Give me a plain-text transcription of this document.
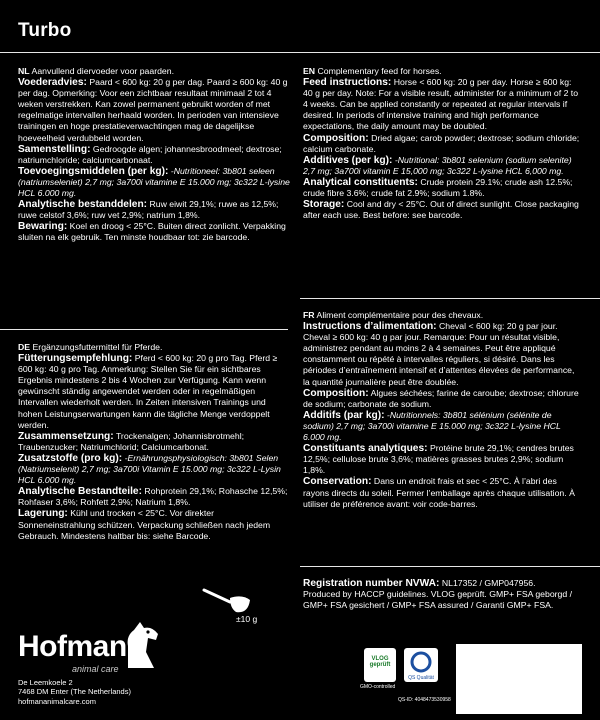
Turbo

NL Aanvullend diervoeder voor paarden.

Voederadvies: Paard < 600 kg: 20 g per dag. Paard ≥ 600 kg: 40 g per dag. Opmerking: Voor een zichtbaar resultaat minimaal 2 tot 4 weken verstrekken. Kan zowel permanent gebruikt worden of met regelmatige intervallen herhaald worden. In perioden van intensieve trainingen en hoge prestatieverwachtingen mag de dagelijkse hoeveelheid verdubbeld worden.

Samenstelling: Gedroogde algen; johannesbroodmeel; dextrose; natriumchloride; calciumcarbonaat.

Toevoegingsmiddelen (per kg): -Nutritioneel: 3b801 seleen (natriumseleniet) 2,7 mg; 3a700i vitamine E 15.000 mg; 3c322 L-lysine HCL 6.000 mg.

Analytische bestanddelen: Ruw eiwit 29,1%; ruwe as 12,5%; ruwe celstof 3,6%; ruw vet 2,9%; natrium 1,8%.

Bewaring: Koel en droog < 25°C. Buiten direct zonlicht. Verpakking sluiten na elk gebruik. Ten minste houdbaar tot: zie barcode.

EN Complementary feed for horses.

Feed instructions: Horse < 600 kg: 20 g per day. Horse ≥ 600 kg: 40 g per day. Note: For a visible result, administer for a minimum of 2 to 4 weeks. Can be applied constantly or repeated at regular intervals if desired. In periods of intensive training and high performance expectations, the daily amount may be doubled.

Composition: Dried algae; carob powder; dextrose; sodium chloride; calcium carbonate.

Additives (per kg): -Nutritional: 3b801 selenium (sodium selenite) 2,7 mg; 3a700i vitamin E 15,000 mg; 3c322 L-lysine HCL 6,000 mg.

Analytical constituents: Crude protein 29.1%; crude ash 12.5%; crude fibre 3.6%; crude fat 2.9%; sodium 1.8%.

Storage: Cool and dry < 25°C. Out of direct sunlight. Close packaging after each use. Best before: see barcode.

DE Ergänzungsfuttermittel für Pferde.

Fütterungsempfehlung: Pferd < 600 kg: 20 g pro Tag. Pferd ≥ 600 kg: 40 g pro Tag. Anmerkung: Stellen Sie für ein sichtbares Ergebnis mindestens 2 bis 4 Wochen zur Verfügung. Kann wenn gewünscht ständig angewendet werden oder in regelmäßigen Intervallen wiederholt werden. In Zeiten intensiven Trainings und hohen Leistungserwartungen kann die tägliche Menge verdoppelt werden.

Zusammensetzung: Trockenalgen; Johannisbrotmehl; Traubenzucker; Natriumchlorid; Calciumcarbonat.

Zusatzstoffe (pro kg): -Ernährungsphysiologisch: 3b801 Selen (Natriumselenit) 2,7 mg; 3a700i Vitamin E 15.000 mg; 3c322 L-Lysin HCL 6.000 mg.

Analytische Bestandteile: Rohprotein 29,1%; Rohasche 12,5%; Rohfaser 3,6%; Rohfett 2,9%; Natrium 1,8%.

Lagerung: Kühl und trocken < 25°C. Vor direkter Sonneneinstrahlung schützen. Verpackung schließen nach jedem Gebrauch. Mindestens haltbar bis: siehe Barcode.

FR Aliment complémentaire pour des chevaux.

Instructions d’alimentation: Cheval < 600 kg: 20 g par jour. Cheval ≥ 600 kg: 40 g par jour. Remarque: Pour un résultat visible, administrez pendant au moins 2 à 4 semaines. Peut être appliqué constamment ou répété à intervalles réguliers, si désiré. Dans les périodes d’entraînement intensif et d’attentes élevées de performance, la quantité journalière peut être doublée.

Composition: Algues séchées; farine de caroube; dextrose; chlorure de sodium; carbonate de sodium.

Additifs (par kg): -Nutritionnels: 3b801 sélénium (sélénite de sodium) 2,7 mg; 3a700i vitamine E 15.000 mg; 3c322 L-lysine HCL 6.000 mg.

Constituants analytiques: Protéine brute 29,1%; cendres brutes 12,5%; cellulose brute 3,6%; matières grasses brutes 2,9%; sodium 1,8%.

Conservation: Dans un endroit frais et sec < 25°C. À l’abri des rayons directs du soleil. Fermer l’emballage après chaque utilisation. À utiliser de préférence avant: voir code-barres.

Registration number NVWA: NL17352 / GMP047956.

Produced by HACCP guidelines. VLOG geprüft. GMP+ FSA geborgd / GMP+ FSA gesichert / GMP+ FSA assured / Garanti GMP+ FSA.

±10 g
Hofman
animal care
De Leemkoele 2
7468 DM Enter (The Netherlands)
hofmananimalcare.com
VLOG geprüft
GMO-controlled
QS Qualität
QS-ID: 4048473530958
